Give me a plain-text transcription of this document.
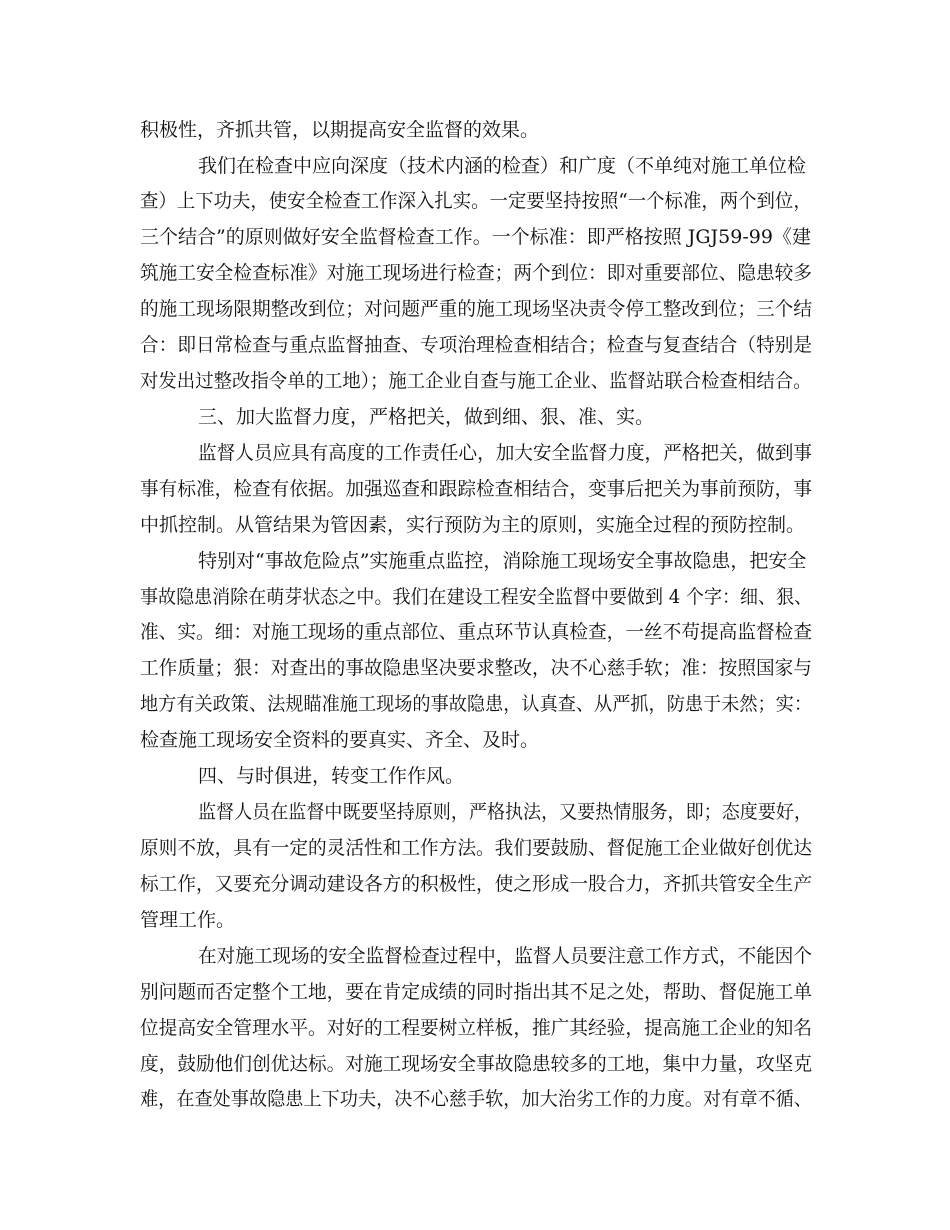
积极性，齐抓共管，以期提高安全监督的效果。
我们在检查中应向深度（技术内涵的检查）和广度（不单纯对施工单位检
查）上下功夫，使安全检查工作深入扎实。一定要坚持按照“一个标准，两个到位，
三个结合”的原则做好安全监督检查工作。一个标准：即严格按照 JGJ59-99《建
筑施工安全检查标准》对施工现场进行检查；两个到位：即对重要部位、隐患较多
的施工现场限期整改到位；对问题严重的施工现场坚决责令停工整改到位；三个结
合：即日常检查与重点监督抽查、专项治理检查相结合；检查与复查结合（特别是
对发出过整改指令单的工地）；施工企业自查与施工企业、监督站联合检查相结合。
三、加大监督力度，严格把关，做到细、狠、准、实。
监督人员应具有高度的工作责任心，加大安全监督力度，严格把关，做到事
事有标准，检查有依据。加强巡查和跟踪检查相结合，变事后把关为事前预防，事
中抓控制。从管结果为管因素，实行预防为主的原则，实施全过程的预防控制。
特别对“事故危险点”实施重点监控，消除施工现场安全事故隐患，把安全
事故隐患消除在萌芽状态之中。我们在建设工程安全监督中要做到 4 个字：细、狠、
准、实。细：对施工现场的重点部位、重点环节认真检查，一丝不苟提高监督检查
工作质量；狠：对查出的事故隐患坚决要求整改，决不心慈手软；准：按照国家与
地方有关政策、法规瞄准施工现场的事故隐患，认真查、从严抓，防患于未然；实：
检查施工现场安全资料的要真实、齐全、及时。
四、与时俱进，转变工作作风。
监督人员在监督中既要坚持原则，严格执法，又要热情服务，即；态度要好，
原则不放，具有一定的灵活性和工作方法。我们要鼓励、督促施工企业做好创优达
标工作，又要充分调动建设各方的积极性，使之形成一股合力，齐抓共管安全生产
管理工作。
在对施工现场的安全监督检查过程中，监督人员要注意工作方式，不能因个
别问题而否定整个工地，要在肯定成绩的同时指出其不足之处，帮助、督促施工单
位提高安全管理水平。对好的工程要树立样板，推广其经验，提高施工企业的知名
度，鼓励他们创优达标。对施工现场安全事故隐患较多的工地，集中力量，攻坚克
难，在查处事故隐患上下功夫，决不心慈手软，加大治劣工作的力度。对有章不循、
